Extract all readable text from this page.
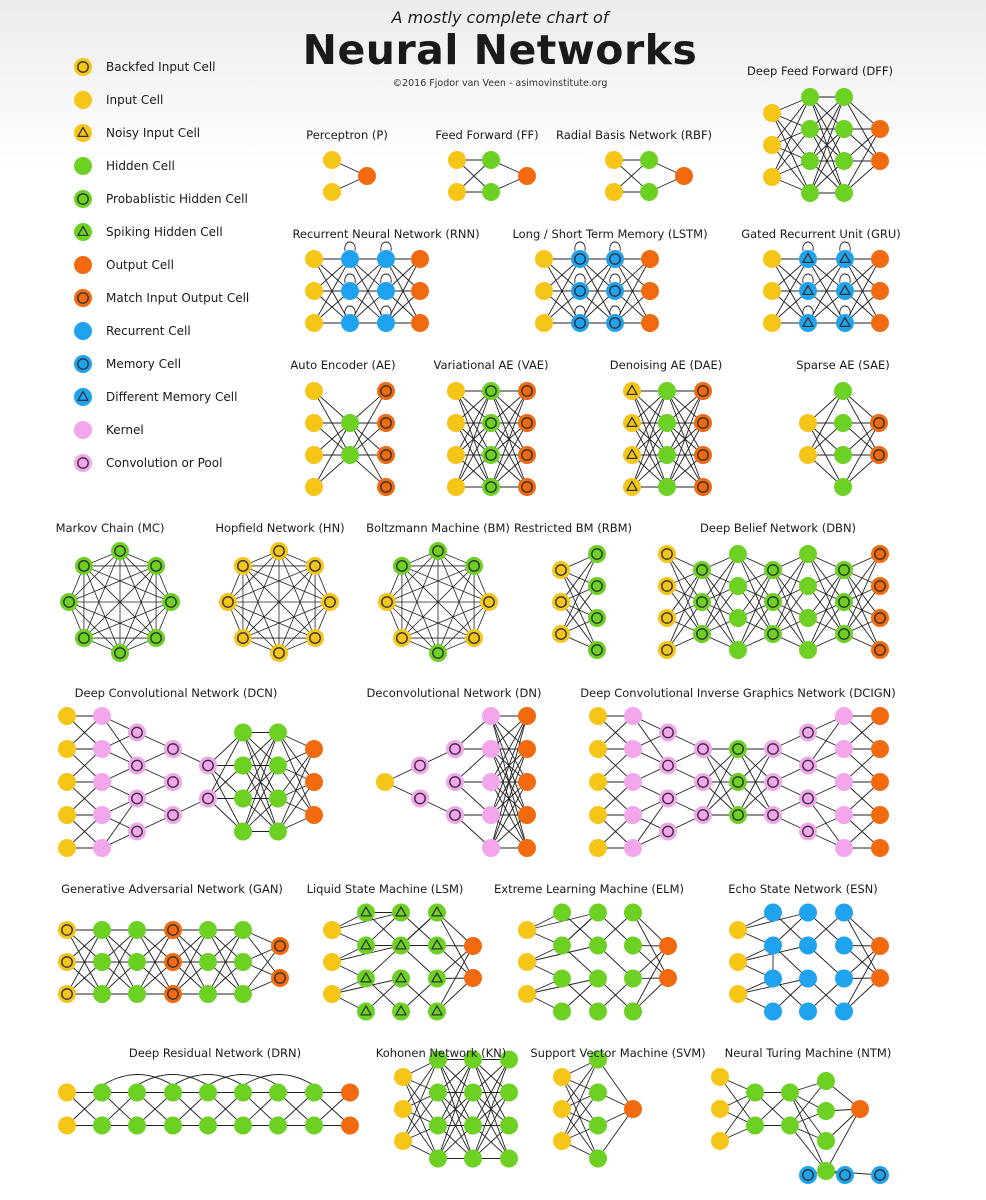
A mostly complete chart of
Neural Networks
©2016 Fjodor van Veen - asimovinstitute.org
Backfed Input Cell
Input Cell
Noisy Input Cell
Hidden Cell
Probablistic Hidden Cell
Spiking Hidden Cell
Output Cell
Match Input Output Cell
Recurrent Cell
Memory Cell
Different Memory Cell
Kernel
Convolution or Pool
Perceptron (P)	Feed Forward (FF) Radial Basis Network (RBF)
Deep Feed Forward (DFF)
Recurrent Neural Network (RNN)	Long / Short Term Memory (LSTM)	Gated Recurrent Unit (GRU)
Auto Encoder (AE)	Variational AE (VAE)	Denoising AE (DAE)	Sparse AE (SAE)
Markov Chain (MC)	Hopfield Network (HN) Boltzmann Machine (BM) Restricted BM (RBM)	Deep Belief Network (DBN)
Deep Convolutional Network (DCN)	Deconvolutional Network (DN)	Deep Convolutional Inverse Graphics Network (DCIGN)
Generative Adversarial Network (GAN) Liquid State Machine (LSM)	Extreme Learning Machine (ELM)	Echo State Network (ESN)
Deep Residual Network (DRN)	Kohonen Network (KN) Support Vector Machine (SVM) Neural Turing Machine (NTM)
